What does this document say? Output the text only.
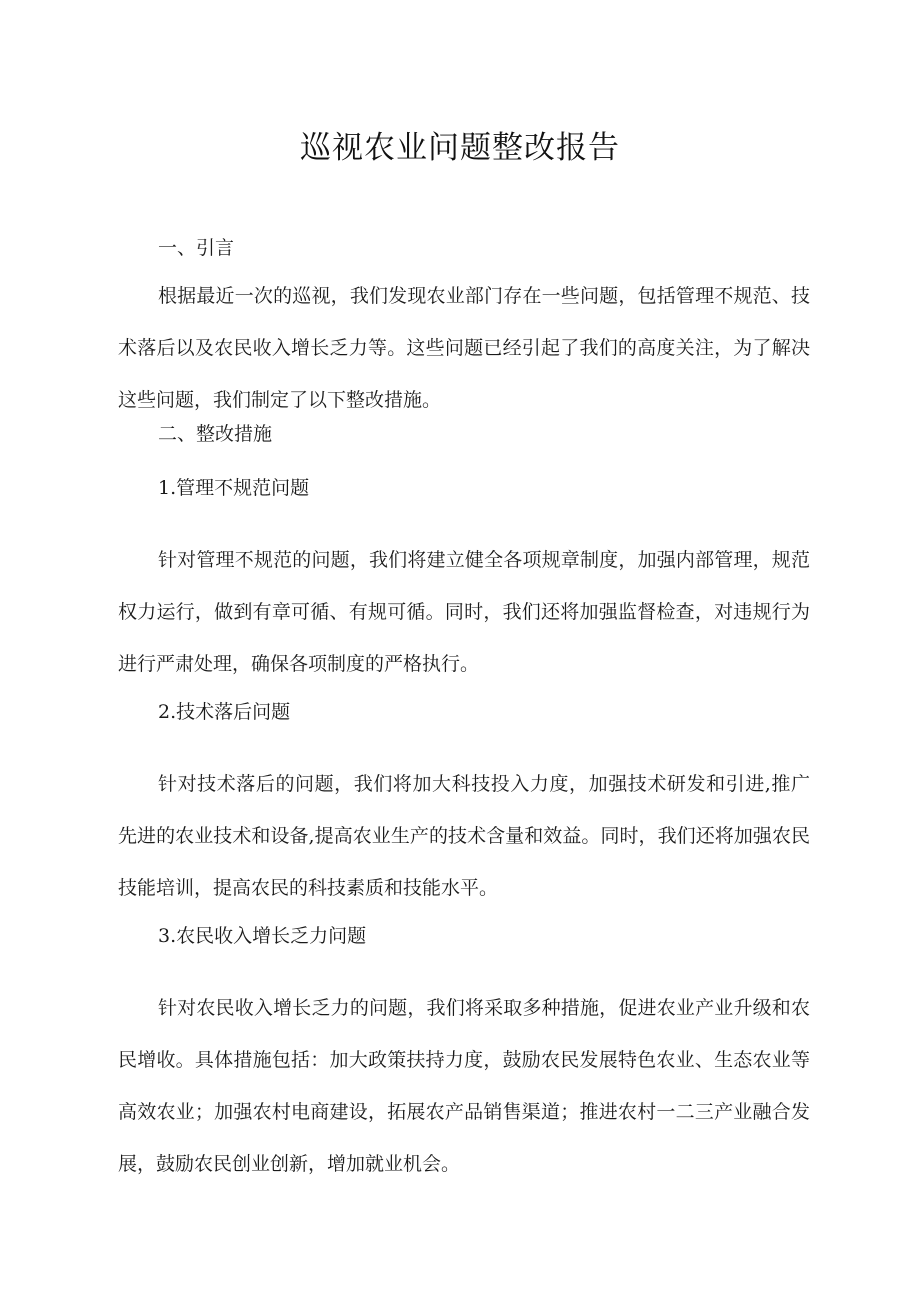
巡视农业问题整改报告

一、引言

根据最近一次的巡视，我们发现农业部门存在一些问题，包括管理不规范、技术落后以及农民收入增长乏力等。这些问题已经引起了我们的高度关注，为了解决这些问题，我们制定了以下整改措施。

二、整改措施

1.管理不规范问题

针对管理不规范的问题，我们将建立健全各项规章制度，加强内部管理，规范权力运行，做到有章可循、有规可循。同时，我们还将加强监督检查，对违规行为进行严肃处理，确保各项制度的严格执行。

2.技术落后问题

针对技术落后的问题，我们将加大科技投入力度，加强技术研发和引进,推广先进的农业技术和设备,提高农业生产的技术含量和效益。同时，我们还将加强农民技能培训，提高农民的科技素质和技能水平。

3.农民收入增长乏力问题

针对农民收入增长乏力的问题，我们将采取多种措施，促进农业产业升级和农民增收。具体措施包括：加大政策扶持力度，鼓励农民发展特色农业、生态农业等高效农业；加强农村电商建设，拓展农产品销售渠道；推进农村一二三产业融合发展，鼓励农民创业创新，增加就业机会。
